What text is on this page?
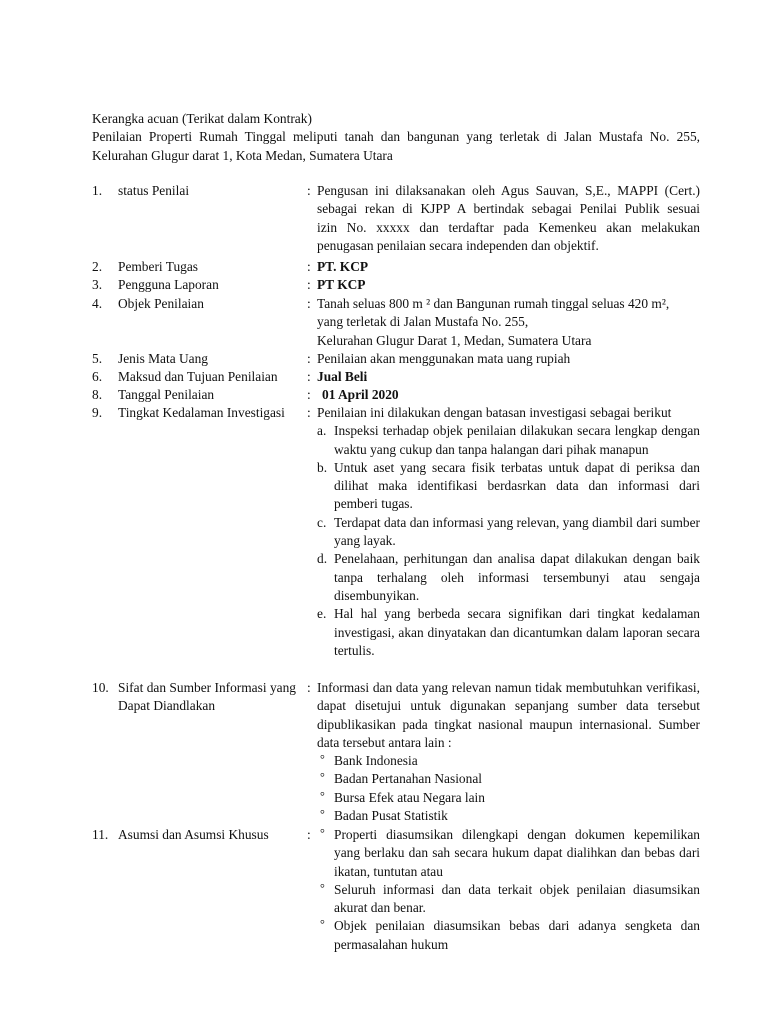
Kerangka acuan (Terikat dalam Kontrak)

Penilaian Properti Rumah Tinggal meliputi tanah dan bangunan yang terletak di Jalan Mustafa No. 255,

Kelurahan Glugur darat 1, Kota Medan, Sumatera Utara

1. status Penilai	: Pengusan ini dilaksanakan oleh Agus Sauvan, S,E., MAPPI (Cert.)

sebagai rekan di KJPP A bertindak sebagai Penilai Publik sesuai

izin No. xxxxx dan terdaftar pada Kemenkeu akan melakukan

penugasan penilaian secara independen dan objektif.

2. Pemberi Tugas	: PT. KCP
3. Pengguna Laporan	: PT KCP
4. Objek Penilaian	: Tanah seluas 800 m ² dan Bangunan rumah tinggal seluas 420 m²,

yang terletak di Jalan Mustafa No. 255,

Kelurahan Glugur Darat 1, Medan, Sumatera Utara

5. Jenis Mata Uang	: Penilaian akan menggunakan mata uang rupiah
6. Maksud dan Tujuan Penilaian	: Jual Beli
8. Tanggal Penilaian	: 01 April 2020
9. Tingkat Kedalaman Investigasi	: Penilaian ini dilakukan dengan batasan investigasi sebagai berikut

a. Inspeksi terhadap objek penilaian dilakukan secara lengkap dengan waktu yang cukup dan tanpa halangan dari pihak manapun
b. Untuk aset yang secara fisik terbatas untuk dapat di periksa dan dilihat maka identifikasi berdasrkan data dan informasi dari pemberi tugas.
c. Terdapat data dan informasi yang relevan, yang diambil dari sumber yang layak.
d. Penelahaan, perhitungan dan analisa dapat dilakukan dengan baik tanpa terhalang oleh informasi tersembunyi atau sengaja disembunyikan.
e. Hal hal yang berbeda secara signifikan dari tingkat kedalaman investigasi, akan dinyatakan dan dicantumkan dalam laporan secara tertulis.
10. Sifat dan Sumber Informasi yang Dapat Diandlakan
: Informasi dan data yang relevan namun tidak membutuhkan verifikasi, dapat disetujui untuk digunakan sepanjang sumber data tersebut dipublikasikan pada tingkat nasional maupun internasional. Sumber data tersebut antara lain :

° Bank Indonesia
° Badan Pertanahan Nasional
° Bursa Efek atau Negara lain
° Badan Pusat Statistik
11. Asumsi dan Asumsi Khusus	: ° Properti diasumsikan dilengkapi dengan dokumen kepemilikan yang berlaku dan sah secara hukum dapat dialihkan dan bebas dari ikatan, tuntutan atau
° Seluruh informasi dan data terkait objek penilaian diasumsikan akurat dan benar.
° Objek penilaian diasumsikan bebas dari adanya sengketa dan permasalahan hukum
